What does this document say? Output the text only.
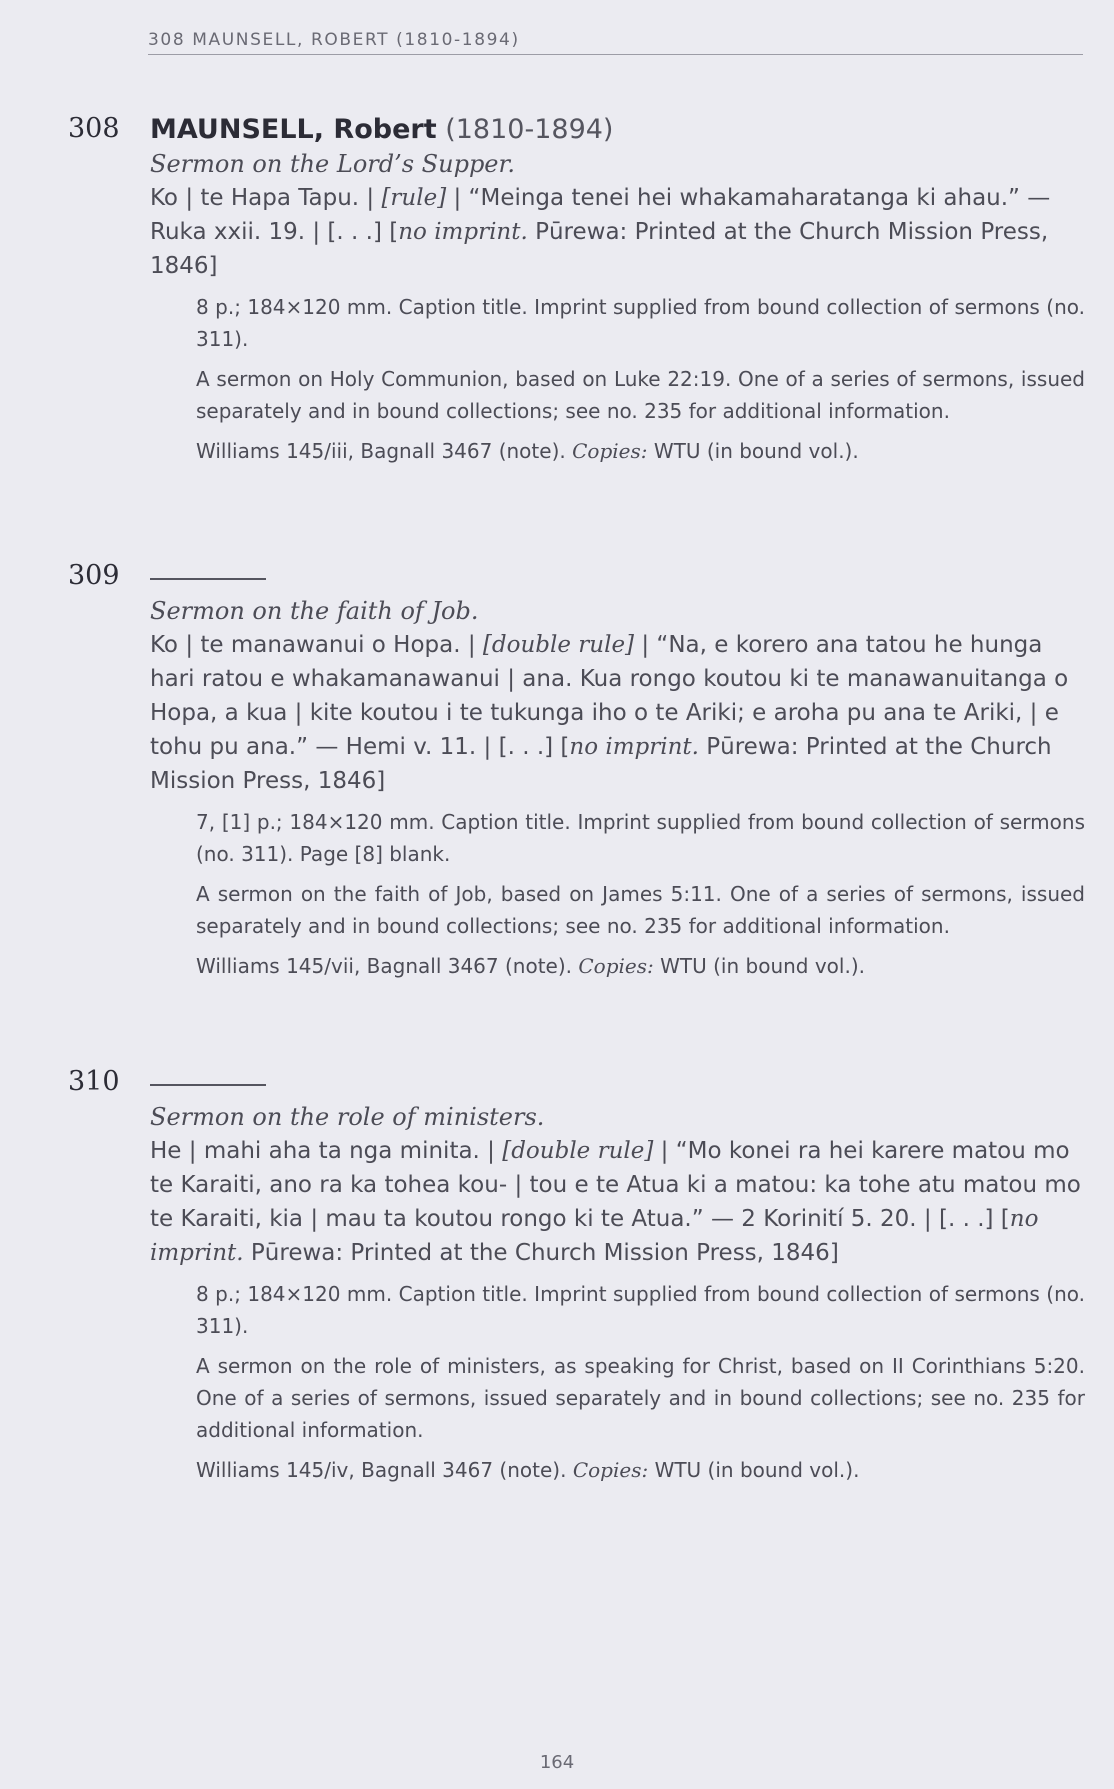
308 MAUNSELL, ROBERT (1810-1894)
308 MAUNSELL, Robert (1810-1894)
Sermon on the Lord’s Supper.
Ko | te Hapa Tapu. | [rule] | “Meinga tenei hei whakamaharatanga ki ahau.” — Ruka xxii. 19. | [. . .] [no imprint. Pūrewa: Printed at the Church Mission Press, 1846]
8 p.; 184×120 mm. Caption title. Imprint supplied from bound collection of sermons (no. 311).
A sermon on Holy Communion, based on Luke 22:19. One of a series of sermons, issued separately and in bound collections; see no. 235 for additional information.
Williams 145/iii, Bagnall 3467 (note). Copies: WTU (in bound vol.).
309
Sermon on the faith of Job.
Ko | te manawanui o Hopa. | [double rule] | “Na, e korero ana tatou he hunga hari ratou e whakamanawanui | ana. Kua rongo koutou ki te manawanuitanga o Hopa, a kua | kite koutou i te tukunga iho o te Ariki; e aroha pu ana te Ariki, | e tohu pu ana.” — Hemi v. 11. | [. . .] [no imprint. Pūrewa: Printed at the Church Mission Press, 1846]
7, [1] p.; 184×120 mm. Caption title. Imprint supplied from bound collection of sermons (no. 311). Page [8] blank.
A sermon on the faith of Job, based on James 5:11. One of a series of sermons, issued separately and in bound collections; see no. 235 for additional information.
Williams 145/vii, Bagnall 3467 (note). Copies: WTU (in bound vol.).
310
Sermon on the role of ministers.
He | mahi aha ta nga minita. | [double rule] | “Mo konei ra hei karere matou mo te Karaiti, ano ra ka tohea kou- | tou e te Atua ki a matou: ka tohe atu matou mo te Karaiti, kia | mau ta koutou rongo ki te Atua.” — 2 Korinití 5. 20. | [. . .] [no imprint. Pūrewa: Printed at the Church Mission Press, 1846]
8 p.; 184×120 mm. Caption title. Imprint supplied from bound collection of sermons (no. 311).
A sermon on the role of ministers, as speaking for Christ, based on II Corinthians 5:20. One of a series of sermons, issued separately and in bound collections; see no. 235 for additional information.
Williams 145/iv, Bagnall 3467 (note). Copies: WTU (in bound vol.).
164
